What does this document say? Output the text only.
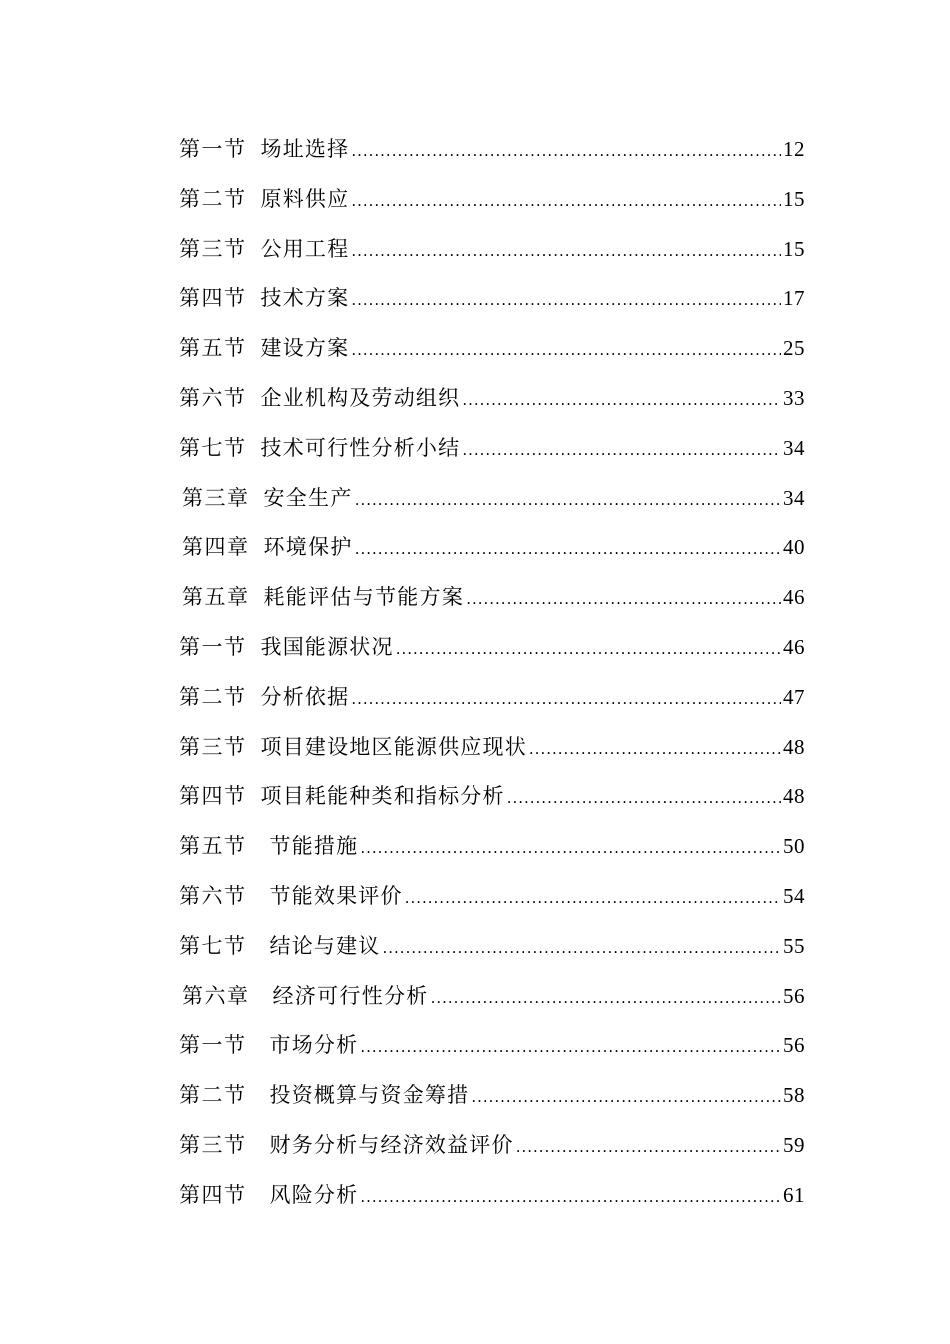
第一节 场址选择 .....	12
第二节 原料供应 .....	15
第三节 公用工程 .....	15
第四节 技术方案 .....	17
第五节 建设方案 .....	25
第六节 企业机构及劳动组织 .....	33
第七节 技术可行性分析小结 .....	34
第三章 安全生产 .....	34
第四章 环境保护 .....	40
第五章 耗能评估与节能方案 .....	46
第一节 我国能源状况 .....	46
第二节 分析依据 .....	47
第三节 项目建设地区能源供应现状 .....	48
第四节 项目耗能种类和指标分析 .....	48
第五节	节能措施 .....	50
第六节	节能效果评价 .....	54
第七节	结论与建议 .....	55
第六章	经济可行性分析 .....	56
第一节	市场分析 .....	56
第二节	投资概算与资金筹措 .....	58
第三节	财务分析与经济效益评价 .....	59
第四节	风险分析 .....	61
